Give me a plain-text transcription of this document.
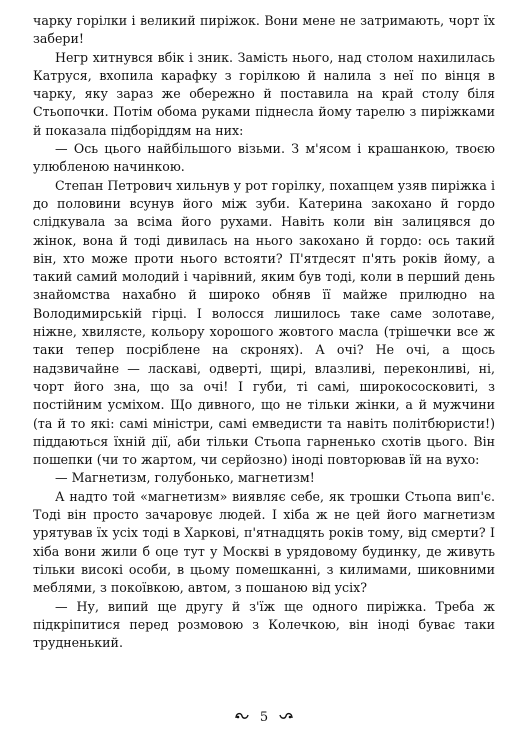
чарку горілки і великий пиріжок. Вони мене не затримають, чорт їх забери!

Негр хитнувся вбік і зник. Замість нього, над столом нахилилась Катруся, вхопила карафку з горілкою й налила з неї по вінця в чарку, яку зараз же обережно й поставила на край столу біля Стьопочки. Потім обома руками піднесла йому тарелю з пиріжками й показала підборіддям на них:

— Ось цього найбільшого візьми. З м'ясом і крашанкою, твоєю улюбленою начинкою.

Степан Петрович хильнув у рот горілку, похапцем узяв пиріжка і до половини всунув його між зуби. Катерина закохано й гордо слідкувала за всіма його рухами. Навіть коли він залицявся до жінок, вона й тоді дивилась на нього закохано й гордо: ось такий він, хто може проти нього встояти? П'ятдесят п'ять років йому, а такий самий молодий і чарівний, яким був тоді, коли в перший день знайомства нахабно й широко обняв її майже прилюдно на Володимирській гірці. І волосся лишилось таке саме золотаве, ніжне, хвилясте, кольору хорошого жовтого масла (трішечки все ж таки тепер посріблене на скронях). А очі? Не очі, а щось надзвичайне — ласкаві, одверті, щирі, влазливі, переконливі, ні, чорт його зна, що за очі! І губи, ті самі, широкососковиті, з постійним усміхом. Що дивного, що не тільки жінки, а й мужчини (та й то які: самі міністри, самі емведисти та навіть політбюристи!) піддаються їхній дії, аби тільки Стьопа гарненько схотів цього. Він пошепки (чи то жартом, чи серйозно) іноді повторював їй на вухо:

— Магнетизм, голубонько, магнетизм!

А надто той «магнетизм» виявляє себе, як трошки Стьопа вип'є. Тоді він просто зачаровує людей. І хіба ж не цей його магнетизм урятував їх усіх тоді в Харкові, п'ятнадцять років тому, від смерти? І хіба вони жили б оце тут у Москві в урядовому будинку, де живуть тільки високі особи, в цьому помешканні, з килимами, шиковними меблями, з покоївкою, автом, з пошаною від усіх?

— Ну, випий ще другу й з'їж ще одного пиріжка. Треба ж підкріпитися перед розмовою з Колечкою, він іноді буває таки трудненький.

5
